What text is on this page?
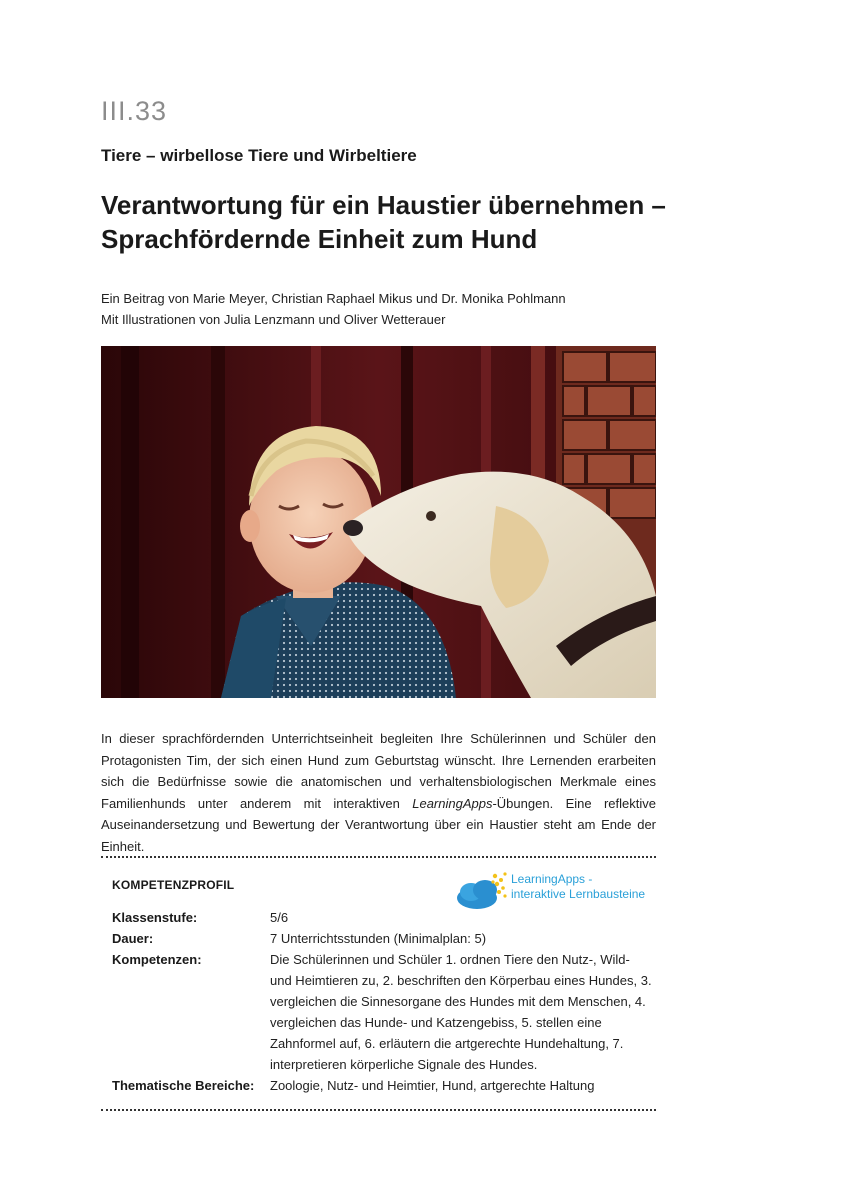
III.33
Tiere – wirbellose Tiere und Wirbeltiere
Verantwortung für ein Haustier übernehmen –
Sprachfördernde Einheit zum Hund
Ein Beitrag von Marie Meyer, Christian Raphael Mikus und Dr. Monika Pohlmann
Mit Illustrationen von Julia Lenzmann und Oliver Wetterauer
In dieser sprachfördernden Unterrichtseinheit begleiten Ihre Schülerinnen und Schüler den Protagonisten Tim, der sich einen Hund zum Geburtstag wünscht. Ihre Lernenden erarbeiten sich die Bedürfnisse sowie die anatomischen und verhaltensbiologischen Merkmale eines Familienhunds unter anderem mit interaktiven LearningApps-Übungen. Eine reflektive Auseinandersetzung und Bewertung der Verantwortung über ein Haustier steht am Ende der Einheit.
KOMPETENZPROFIL	LearningApps -
interaktive Lernbausteine
Klassenstufe:	5/6
Dauer:	7 Unterrichtsstunden (Minimalplan: 5)
Kompetenzen:	Die Schülerinnen und Schüler 1. ordnen Tiere den Nutz-, Wild- und Heimtieren zu, 2. beschriften den Körperbau eines Hundes, 3. vergleichen die Sinnesorgane des Hundes mit dem Menschen, 4. vergleichen das Hunde- und Katzengebiss, 5. stellen eine Zahnformel auf, 6. erläutern die artgerechte Hundehaltung, 7. interpretieren körperliche Signale des Hundes.
Thematische Bereiche:	Zoologie, Nutz- und Heimtier, Hund, artgerechte Haltung
